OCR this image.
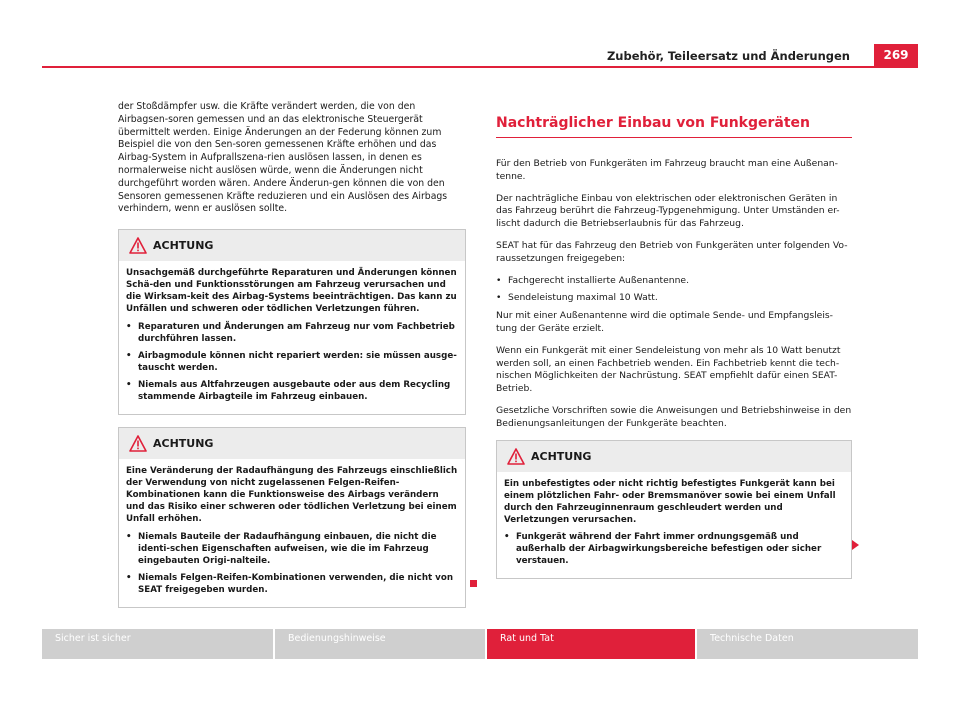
Zubehör, Teileersatz und Änderungen	269

der Stoßdämpfer usw. die Kräfte verändert werden, die von den Airbagsen-soren gemessen und an das elektronische Steuergerät übermittelt werden. Einige Änderungen an der Federung können zum Beispiel die von den Sen-soren gemessenen Kräfte erhöhen und das Airbag-System in Aufprallszena-rien auslösen lassen, in denen es normalerweise nicht auslösen würde, wenn die Änderungen nicht durchgeführt worden wären. Andere Änderun-gen können die von den Sensoren gemessenen Kräfte reduzieren und ein Auslösen des Airbags verhindern, wenn er auslösen sollte.

ACHTUNG

Unsachgemäß durchgeführte Reparaturen und Änderungen können Schä-den und Funktionsstörungen am Fahrzeug verursachen und die Wirksam-keit des Airbag-Systems beeinträchtigen. Das kann zu Unfällen und schweren oder tödlichen Verletzungen führen.

• Reparaturen und Änderungen am Fahrzeug nur vom Fachbetrieb durchführen lassen.
• Airbagmodule können nicht repariert werden: sie müssen ausge-tauscht werden.
• Niemals aus Altfahrzeugen ausgebaute oder aus dem Recycling stammende Airbagteile im Fahrzeug einbauen.
ACHTUNG

Eine Veränderung der Radaufhängung des Fahrzeugs einschließlich der Verwendung von nicht zugelassenen Felgen-Reifen-Kombinationen kann die Funktionsweise des Airbags verändern und das Risiko einer schweren oder tödlichen Verletzung bei einem Unfall erhöhen.

• Niemals Bauteile der Radaufhängung einbauen, die nicht die identi-schen Eigenschaften aufweisen, wie die im Fahrzeug eingebauten Origi-nalteile.
• Niemals Felgen-Reifen-Kombinationen verwenden, die nicht von SEAT freigegeben wurden.
Nachträglicher Einbau von Funkgeräten

Für den Betrieb von Funkgeräten im Fahrzeug braucht man eine Außenan-tenne.

Der nachträgliche Einbau von elektrischen oder elektronischen Geräten in das Fahrzeug berührt die Fahrzeug-Typgenehmigung. Unter Umständen er-lischt dadurch die Betriebserlaubnis für das Fahrzeug.

SEAT hat für das Fahrzeug den Betrieb von Funkgeräten unter folgenden Vo-raussetzungen freigegeben:

• Fachgerecht installierte Außenantenne.
• Sendeleistung maximal 10 Watt.

Nur mit einer Außenantenne wird die optimale Sende- und Empfangsleis-tung der Geräte erzielt.

Wenn ein Funkgerät mit einer Sendeleistung von mehr als 10 Watt benutzt werden soll, an einen Fachbetrieb wenden. Ein Fachbetrieb kennt die tech-nischen Möglichkeiten der Nachrüstung. SEAT empfiehlt dafür einen SEAT-Betrieb.

Gesetzliche Vorschriften sowie die Anweisungen und Betriebshinweise in den Bedienungsanleitungen der Funkgeräte beachten.

ACHTUNG

Ein unbefestigtes oder nicht richtig befestigtes Funkgerät kann bei einem plötzlichen Fahr- oder Bremsmanöver sowie bei einem Unfall durch den Fahrzeuginnenraum geschleudert werden und Verletzungen verursachen.

• Funkgerät während der Fahrt immer ordnungsgemäß und außerhalb der Airbagwirkungsbereiche befestigen oder sicher verstauen.
Sicher ist sicher	Bedienungshinweise	Rat und Tat	Technische Daten
